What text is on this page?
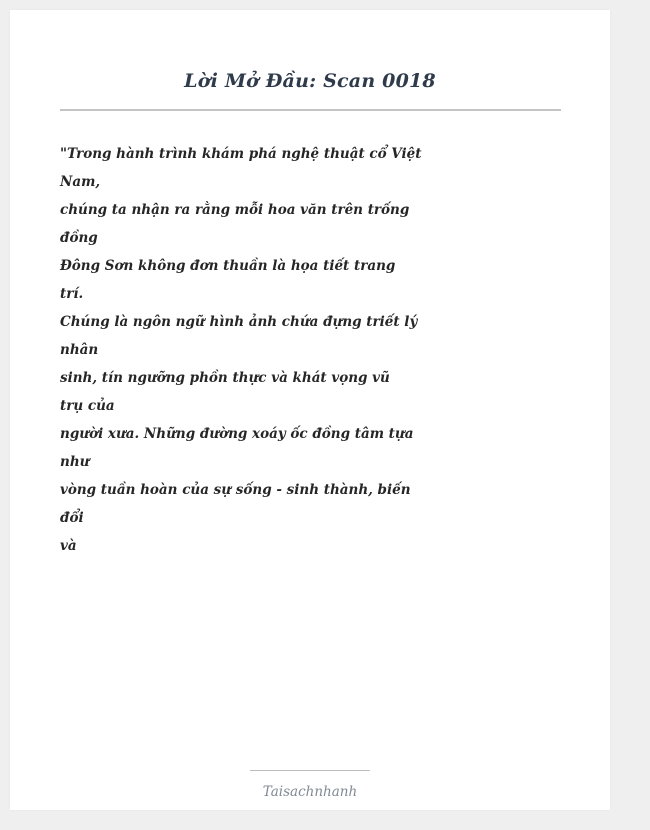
Lời Mở Đầu: Scan 0018
"Trong hành trình khám phá nghệ thuật cổ Việt
Nam,
chúng ta nhận ra rằng mỗi hoa văn trên trống
đồng
Đông Sơn không đơn thuần là họa tiết trang
trí.
Chúng là ngôn ngữ hình ảnh chứa đựng triết lý
nhân
sinh, tín ngưỡng phồn thực và khát vọng vũ
trụ của
người xưa. Những đường xoáy ốc đồng tâm tựa
như
vòng tuần hoàn của sự sống - sinh thành, biến
đổi
và
Taisachnhanh
